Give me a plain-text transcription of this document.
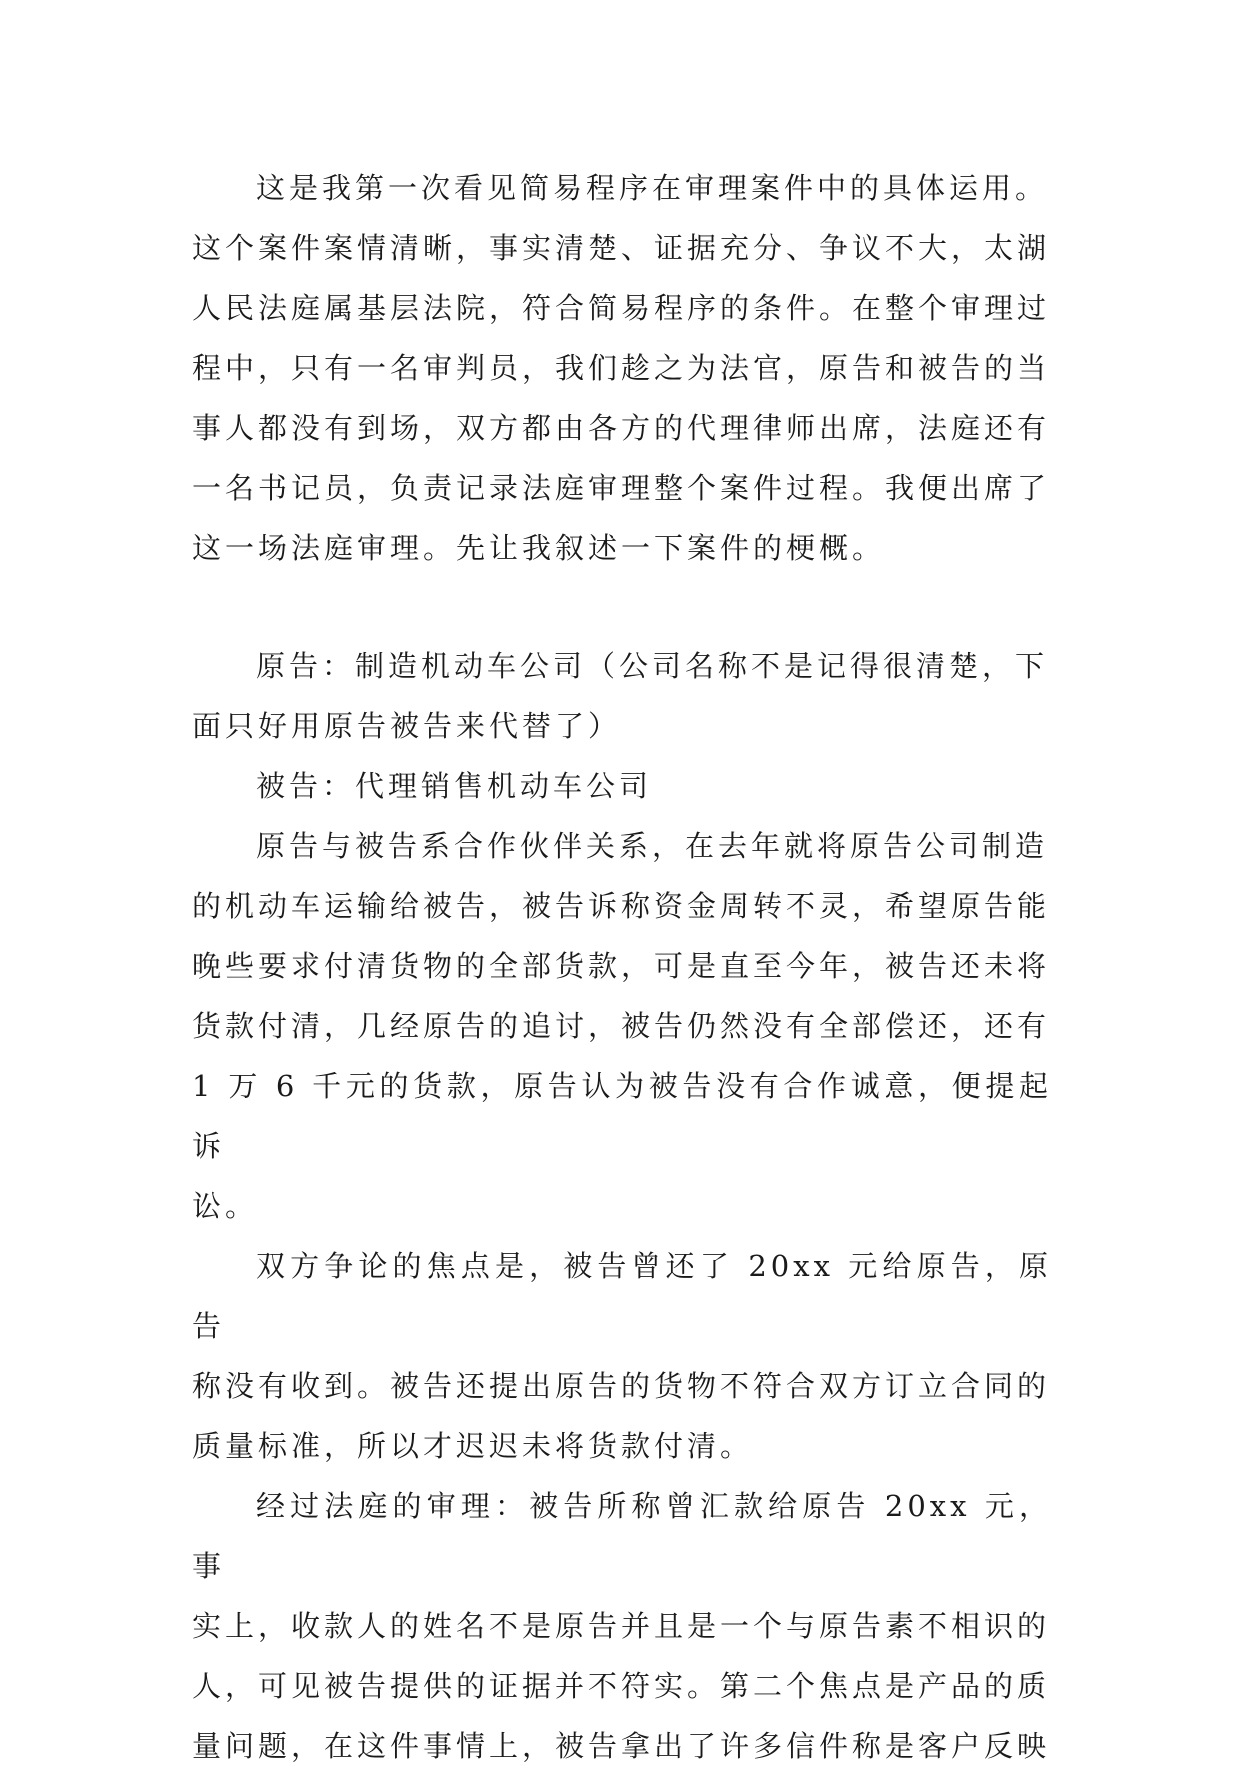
这是我第一次看见简易程序在审理案件中的具体运用。
这个案件案情清晰，事实清楚、证据充分、争议不大，太湖
人民法庭属基层法院，符合简易程序的条件。在整个审理过
程中，只有一名审判员，我们趁之为法官，原告和被告的当
事人都没有到场，双方都由各方的代理律师出席，法庭还有
一名书记员，负责记录法庭审理整个案件过程。我便出席了
这一场法庭审理。先让我叙述一下案件的梗概。
原告：制造机动车公司（公司名称不是记得很清楚，下
面只好用原告被告来代替了）
被告：代理销售机动车公司
原告与被告系合作伙伴关系，在去年就将原告公司制造
的机动车运输给被告，被告诉称资金周转不灵，希望原告能
晚些要求付清货物的全部货款，可是直至今年，被告还未将
货款付清，几经原告的追讨，被告仍然没有全部偿还，还有
1 万 6 千元的货款，原告认为被告没有合作诚意，便提起诉
讼。
双方争论的焦点是，被告曾还了 20xx 元给原告，原告
称没有收到。被告还提出原告的货物不符合双方订立合同的
质量标准，所以才迟迟未将货款付清。
经过法庭的审理：被告所称曾汇款给原告 20xx 元，事
实上，收款人的姓名不是原告并且是一个与原告素不相识的
人，可见被告提供的证据并不符实。第二个焦点是产品的质
量问题，在这件事情上，被告拿出了许多信件称是客户反映
